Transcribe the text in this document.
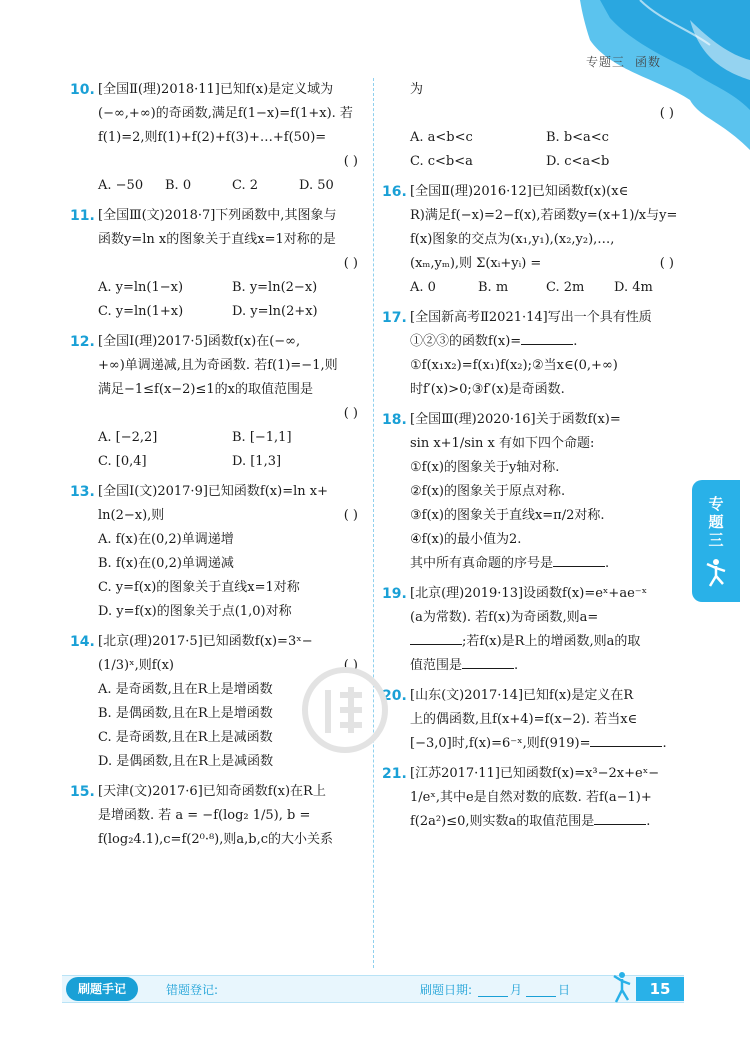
专题三 函数
10. [全国Ⅱ(理)2018·11]已知f(x)是定义域为
(−∞,+∞)的奇函数,满足f(1−x)=f(1+x). 若
f(1)=2,则f(1)+f(2)+f(3)+…+f(50)=
( )
A. −50	B. 0	C. 2	D. 50
11. [全国Ⅲ(文)2018·7]下列函数中,其图象与
函数y=ln x的图象关于直线x=1对称的是
( )
A. y=ln(1−x)	B. y=ln(2−x)
C. y=ln(1+x)	D. y=ln(2+x)
12. [全国Ⅰ(理)2017·5]函数f(x)在(−∞,
+∞)单调递减,且为奇函数. 若f(1)=−1,则
满足−1≤f(x−2)≤1的x的取值范围是
( )
A. [−2,2]	B. [−1,1]
C. [0,4]	D. [1,3]
13. [全国Ⅰ(文)2017·9]已知函数f(x)=ln x+
ln(2−x),则	( )
A. f(x)在(0,2)单调递增
B. f(x)在(0,2)单调递减
C. y=f(x)的图象关于直线x=1对称
D. y=f(x)的图象关于点(1,0)对称
14. [北京(理)2017·5]已知函数f(x)=3ˣ−
(1/3)ˣ,则f(x)	( )
A. 是奇函数,且在R上是增函数
B. 是偶函数,且在R上是增函数
C. 是奇函数,且在R上是减函数
D. 是偶函数,且在R上是减函数
15. [天津(文)2017·6]已知奇函数f(x)在R上
是增函数. 若 a = −f(log₂ 1/5), b =
f(log₂4.1),c=f(2⁰·⁸),则a,b,c的大小关系
为
( )
A. a<b<c	B. b<a<c
C. c<b<a	D. c<a<b
16. [全国Ⅱ(理)2016·12]已知函数f(x)(x∈
R)满足f(−x)=2−f(x),若函数y=(x+1)/x与y=
f(x)图象的交点为(x₁,y₁),(x₂,y₂),…,
(xₘ,yₘ),则 Σ(xᵢ+yᵢ) =	( )
A. 0	B. m	C. 2m	D. 4m
17. [全国新高考Ⅱ2021·14]写出一个具有性质
①②③的函数f(x)=	.
①f(x₁x₂)=f(x₁)f(x₂);②当x∈(0,+∞)
时f′(x)>0;③f′(x)是奇函数.
18. [全国Ⅲ(理)2020·16]关于函数f(x)=
sin x+1/sin x 有如下四个命题:
①f(x)的图象关于y轴对称.
②f(x)的图象关于原点对称.
③f(x)的图象关于直线x=π/2对称.
④f(x)的最小值为2.
其中所有真命题的序号是	.
19. [北京(理)2019·13]设函数f(x)=eˣ+ae⁻ˣ
(a为常数). 若f(x)为奇函数,则a=
;若f(x)是R上的增函数,则a的取
值范围是	.
20. [山东(文)2017·14]已知f(x)是定义在R
上的偶函数,且f(x+4)=f(x−2). 若当x∈
[−3,0]时,f(x)=6⁻ˣ,则f(919)=	.
21. [江苏2017·11]已知函数f(x)=x³−2x+eˣ−
1/eˣ,其中e是自然对数的底数. 若f(a−1)+
f(2a²)≤0,则实数a的取值范围是	.
专
题
三
刷题手记	错题登记:	刷题日期:	月	日	15
